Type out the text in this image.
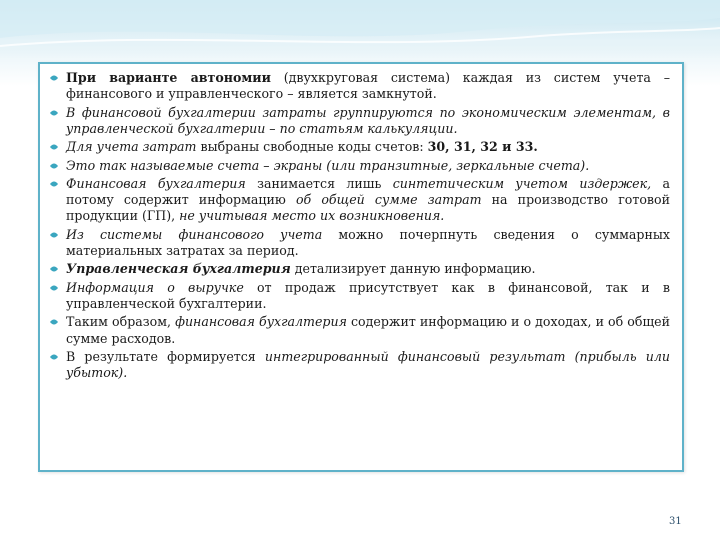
При варианте автономии (двухкруговая система) каждая из систем учета – финансового и управленческого – является замкнутой.
В финансовой бухгалтерии затраты группируются по экономическим элементам, в управленческой бухгалтерии – по статьям калькуляции.
Для учета затрат выбраны свободные коды счетов: 30, 31, 32 и 33.
Это так называемые счета – экраны (или транзитные, зеркальные счета).
Финансовая бухгалтерия занимается лишь синтетическим учетом издержек, а потому содержит информацию об общей сумме затрат на производство готовой продукции (ГП), не учитывая место их возникновения.
Из системы финансового учета можно почерпнуть сведения о суммарных материальных затратах за период.
Управленческая бухгалтерия детализирует данную информацию.
Информация о выручке от продаж присутствует как в финансовой, так и в управленческой бухгалтерии.
Таким образом, финансовая бухгалтерия содержит информацию и о доходах, и об общей сумме расходов.
В результате формируется интегрированный финансовый результат (прибыль или убыток).
31
